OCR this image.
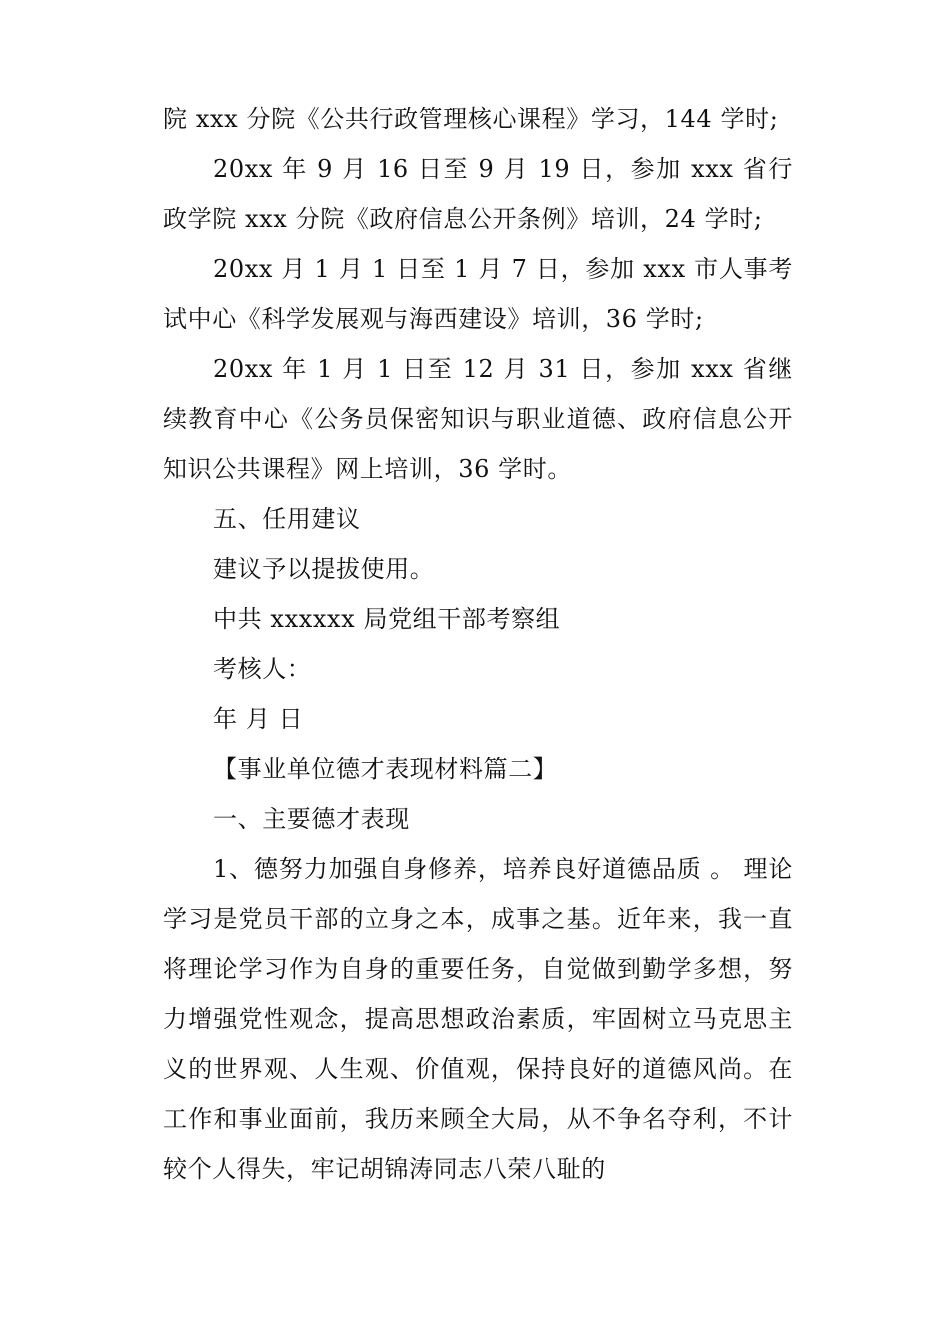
院 xxx 分院《公共行政管理核心课程》学习，144 学时;

20xx 年 9 月 16 日至 9 月 19 日，参加 xxx 省行政学院 xxx 分院《政府信息公开条例》培训，24 学时;

20xx 月 1 月 1 日至 1 月 7 日，参加 xxx 市人事考试中心《科学发展观与海西建设》培训，36 学时;

20xx 年 1 月 1 日至 12 月 31 日，参加 xxx 省继续教育中心《公务员保密知识与职业道德、政府信息公开知识公共课程》网上培训，36 学时。

五、任用建议

建议予以提拔使用。

中共 xxxxxx 局党组干部考察组

考核人：

年 月 日

【事业单位德才表现材料篇二】

一、主要德才表现

1、德努力加强自身修养，培养良好道德品质 。 理论学习是党员干部的立身之本，成事之基。近年来，我一直将理论学习作为自身的重要任务，自觉做到勤学多想，努力增强党性观念，提高思想政治素质，牢固树立马克思主义的世界观、人生观、价值观，保持良好的道德风尚。在工作和事业面前，我历来顾全大局，从不争名夺利，不计较个人得失，牢记胡锦涛同志八荣八耻的
